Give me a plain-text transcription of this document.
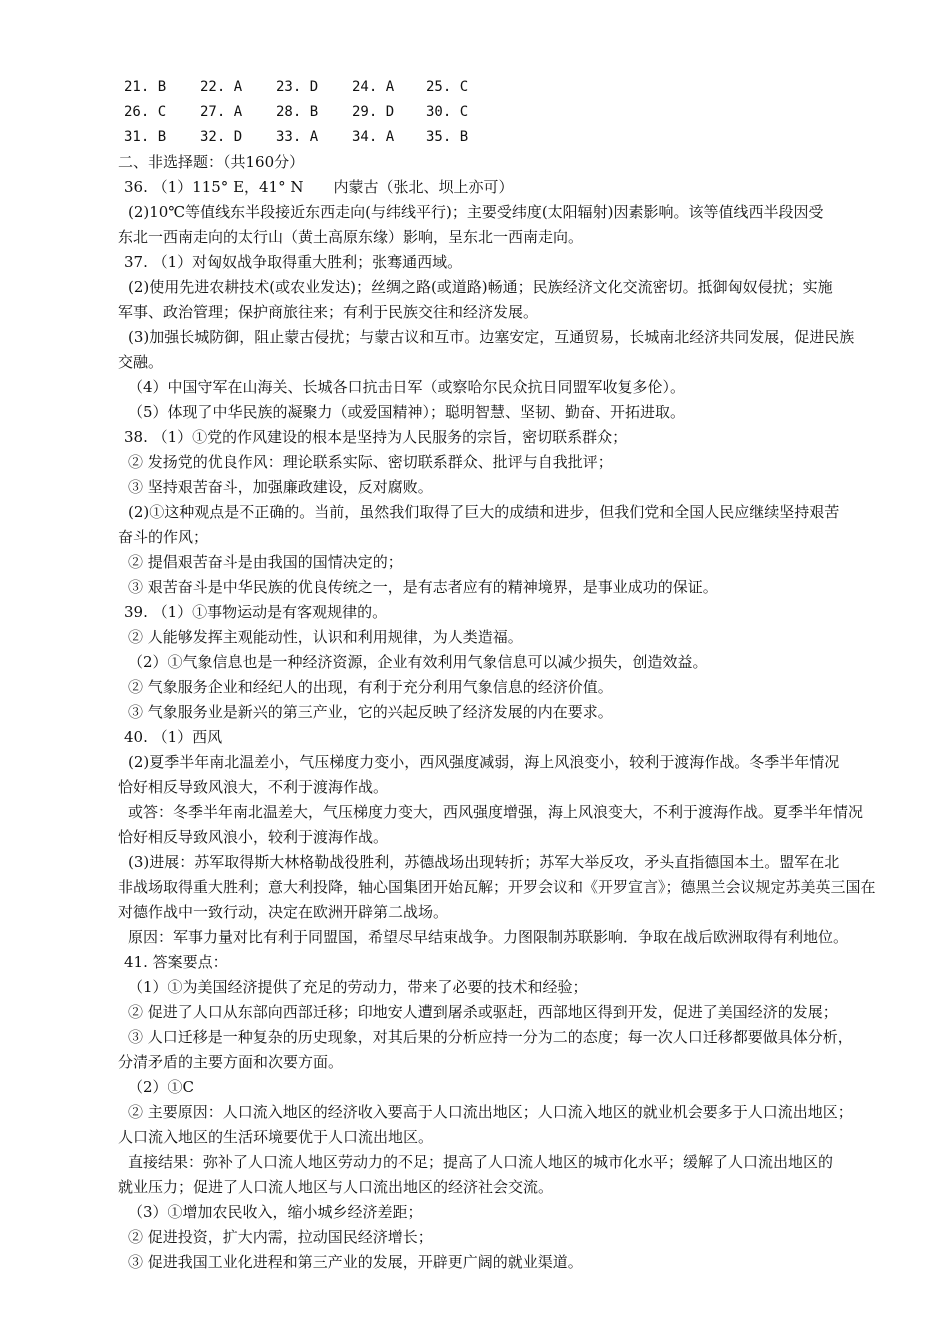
21. B 22. A 23. D 24. A 25. C
26. C 27. A 28. B 29. D 30. C
31. B 32. D 33. A 34. A 35. B
二、非选择题：（共160分）
36. （1）115° E，41° N　　内蒙古（张北、坝上亦可）
(2)10℃等值线东半段接近东西走向(与纬线平行)；主要受纬度(太阳辐射)因素影响。该等值线西半段因受
东北一西南走向的太行山（黄土高原东缘）影响，呈东北一西南走向。
37. （1）对匈奴战争取得重大胜利；张骞通西域。
(2)使用先进农耕技术(或农业发达)；丝绸之路(或道路)畅通；民族经济文化交流密切。抵御匈奴侵扰；实施
军事、政治管理；保护商旅往来；有利于民族交往和经济发展。
(3)加强长城防御，阻止蒙古侵扰；与蒙古议和互市。边塞安定，互通贸易，长城南北经济共同发展，促进民族
交融。
（4）中国守军在山海关、长城各口抗击日军（或察哈尔民众抗日同盟军收复多伦）。
（5）体现了中华民族的凝聚力（或爱国精神）；聪明智慧、坚韧、勤奋、开拓进取。
38. （1）①党的作风建设的根本是坚持为人民服务的宗旨，密切联系群众；
② 发扬党的优良作风：理论联系实际、密切联系群众、批评与自我批评；
③ 坚持艰苦奋斗，加强廉政建设，反对腐败。
(2)①这种观点是不正确的。当前，虽然我们取得了巨大的成绩和进步，但我们党和全国人民应继续坚持艰苦
奋斗的作风；
② 提倡艰苦奋斗是由我国的国情决定的；
③ 艰苦奋斗是中华民族的优良传统之一，是有志者应有的精神境界，是事业成功的保证。
39. （1）①事物运动是有客观规律的。
② 人能够发挥主观能动性，认识和利用规律，为人类造福。
（2）①气象信息也是一种经济资源，企业有效利用气象信息可以减少损失，创造效益。
② 气象服务企业和经纪人的出现，有利于充分利用气象信息的经济价值。
③ 气象服务业是新兴的第三产业，它的兴起反映了经济发展的内在要求。
40. （1）西风
(2)夏季半年南北温差小，气压梯度力变小，西风强度减弱，海上风浪变小，较利于渡海作战。冬季半年情况
恰好相反导致风浪大，不利于渡海作战。
或答：冬季半年南北温差大，气压梯度力变大，西风强度增强，海上风浪变大，不利于渡海作战。夏季半年情况
恰好相反导致风浪小，较利于渡海作战。
(3)进展：苏军取得斯大林格勒战役胜利，苏德战场出现转折；苏军大举反攻，矛头直指德国本土。盟军在北
非战场取得重大胜利；意大利投降，轴心国集团开始瓦解；开罗会议和《开罗宣言》；德黑兰会议规定苏美英三国在
对德作战中一致行动，决定在欧洲开辟第二战场。
原因：军事力量对比有利于同盟国，希望尽早结束战争。力图限制苏联影响．争取在战后欧洲取得有利地位。
41. 答案要点：
（1）①为美国经济提供了充足的劳动力，带来了必要的技术和经验；
② 促进了人口从东部向西部迁移；印地安人遭到屠杀或驱赶，西部地区得到开发，促进了美国经济的发展；
③ 人口迁移是一种复杂的历史现象，对其后果的分析应持一分为二的态度；每一次人口迁移都要做具体分析，
分清矛盾的主要方面和次要方面。
（2）①C
② 主要原因：人口流入地区的经济收入要高于人口流出地区；人口流入地区的就业机会要多于人口流出地区；
人口流入地区的生活环境要优于人口流出地区。
直接结果：弥补了人口流人地区劳动力的不足；提高了人口流人地区的城市化水平；缓解了人口流出地区的
就业压力；促进了人口流人地区与人口流出地区的经济社会交流。
（3）①增加农民收入，缩小城乡经济差距；
② 促进投资，扩大内需，拉动国民经济增长；
③ 促进我国工业化进程和第三产业的发展，开辟更广阔的就业渠道。
